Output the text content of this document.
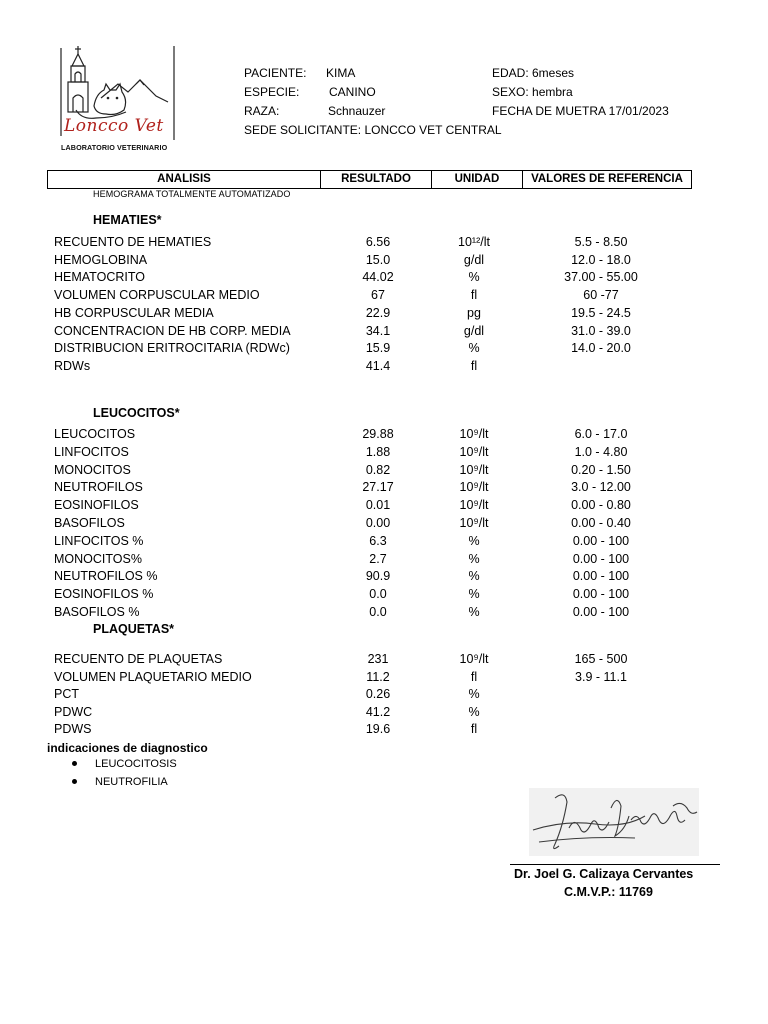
Loncco Vet
LABORATORIO VETERINARIO
PACIENTE: KIMA
ESPECIE: CANINO
RAZA:	Schnauzer
SEDE SOLICITANTE: LONCCO VET CENTRAL
EDAD: 6meses
SEXO: hembra
FECHA DE MUETRA 17/01/2023
ANALISIS	RESULTADO	UNIDAD	VALORES DE REFERENCIA
HEMOGRAMA TOTALMENTE AUTOMATIZADO
HEMATIES*
RECUENTO DE HEMATIES	6.56	10¹²/lt	5.5 - 8.50
HEMOGLOBINA	15.0	g/dl	12.0 - 18.0
HEMATOCRITO	44.02	%	37.00 - 55.00
VOLUMEN CORPUSCULAR MEDIO	67	fl	60 -77
HB CORPUSCULAR MEDIA	22.9	pg	19.5 - 24.5
CONCENTRACION DE HB CORP. MEDIA	34.1	g/dl	31.0 - 39.0
DISTRIBUCION ERITROCITARIA (RDWc)	15.9	%	14.0 - 20.0
RDWs	41.4	fl
LEUCOCITOS*
LEUCOCITOS	29.88	10⁹/lt	6.0 - 17.0
LINFOCITOS	1.88	10⁹/lt	1.0 - 4.80
MONOCITOS	0.82	10⁹/lt	0.20 - 1.50
NEUTROFILOS	27.17	10⁹/lt	3.0 - 12.00
EOSINOFILOS	0.01	10⁹/lt	0.00 - 0.80
BASOFILOS	0.00	10⁹/lt	0.00 - 0.40
LINFOCITOS %	6.3	%	0.00 - 100
MONOCITOS%	2.7	%	0.00 - 100
NEUTROFILOS %	90.9	%	0.00 - 100
EOSINOFILOS %	0.0	%	0.00 - 100
BASOFILOS %	0.0	%	0.00 - 100
PLAQUETAS*
RECUENTO DE PLAQUETAS	231	10⁹/lt	165 - 500
VOLUMEN PLAQUETARIO MEDIO	11.2	fl	3.9 - 11.1
PCT	0.26	%
PDWC	41.2	%
PDWS	19.6	fl
indicaciones de diagnostico
LEUCOCITOSIS
NEUTROFILIA
Dr. Joel G. Calizaya Cervantes
C.M.V.P.: 11769
